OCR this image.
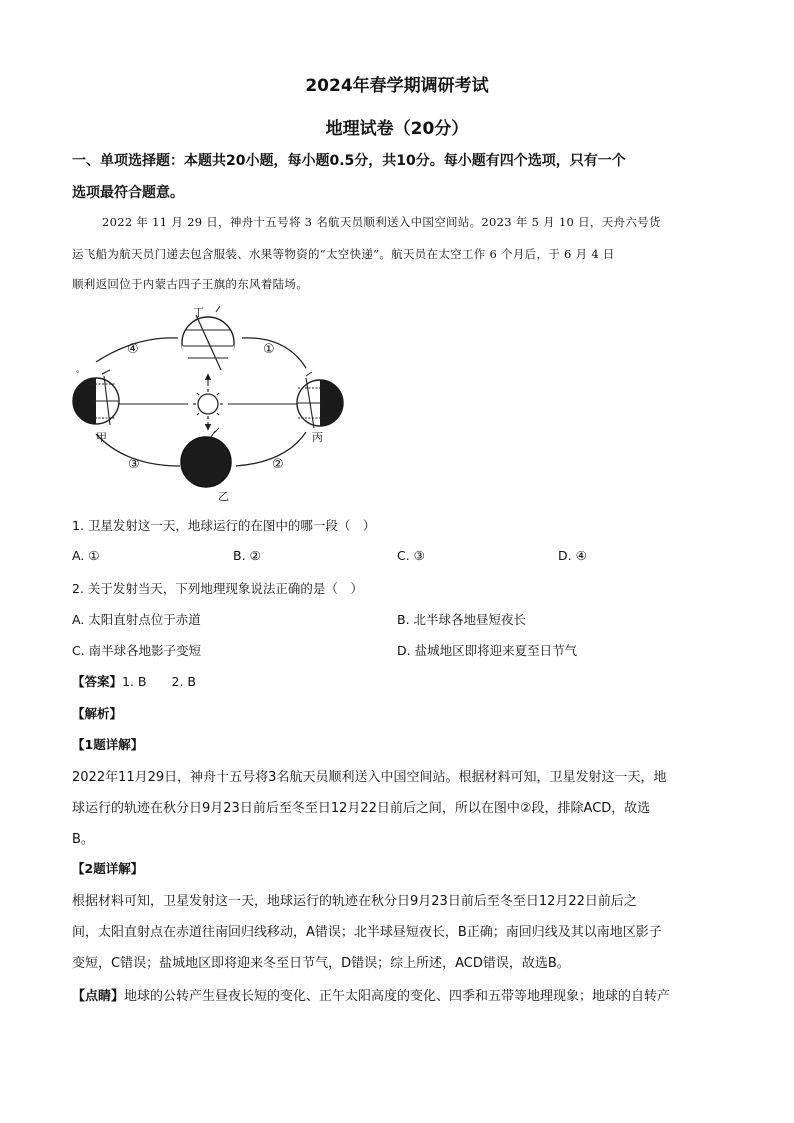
2024年春学期调研考试
地理试卷（20分）
一、单项选择题：本题共20小题，每小题0.5分，共10分。每小题有四个选项，只有一个
选项最符合题意。
2022 年 11 月 29 日，神舟十五号将 3 名航天员顺利送入中国空间站。2023 年 5 月 10 日，天舟六号货
运飞船为航天员门递去包含服装、水果等物资的“太空快递”。航天员在太空工作 6 个月后，于 6 月 4 日
顺利返回位于内蒙古四子王旗的东风着陆场。
丁
甲	丙
乙
④	①
③	②
。
1. 卫星发射这一天，地球运行的在图中的哪一段（　）
A. ①	B. ②	C. ③	D. ④
2. 关于发射当天，下列地理现象说法正确的是（　）
A. 太阳直射点位于赤道	B. 北半球各地昼短夜长
C. 南半球各地影子变短	D. 盐城地区即将迎来夏至日节气
【答案】1. B　　2. B
【解析】
【1题详解】
2022年11月29日，神舟十五号将3名航天员顺利送入中国空间站。根据材料可知，卫星发射这一天，地
球运行的轨迹在秋分日9月23日前后至冬至日12月22日前后之间，所以在图中②段，排除ACD，故选
B。
【2题详解】
根据材料可知，卫星发射这一天，地球运行的轨迹在秋分日9月23日前后至冬至日12月22日前后之
间，太阳直射点在赤道往南回归线移动，A错误；北半球昼短夜长，B正确；南回归线及其以南地区影子
变短，C错误；盐城地区即将迎来冬至日节气，D错误；综上所述，ACD错误，故选B。
【点睛】地球的公转产生昼夜长短的变化、正午太阳高度的变化、四季和五带等地理现象；地球的自转产
